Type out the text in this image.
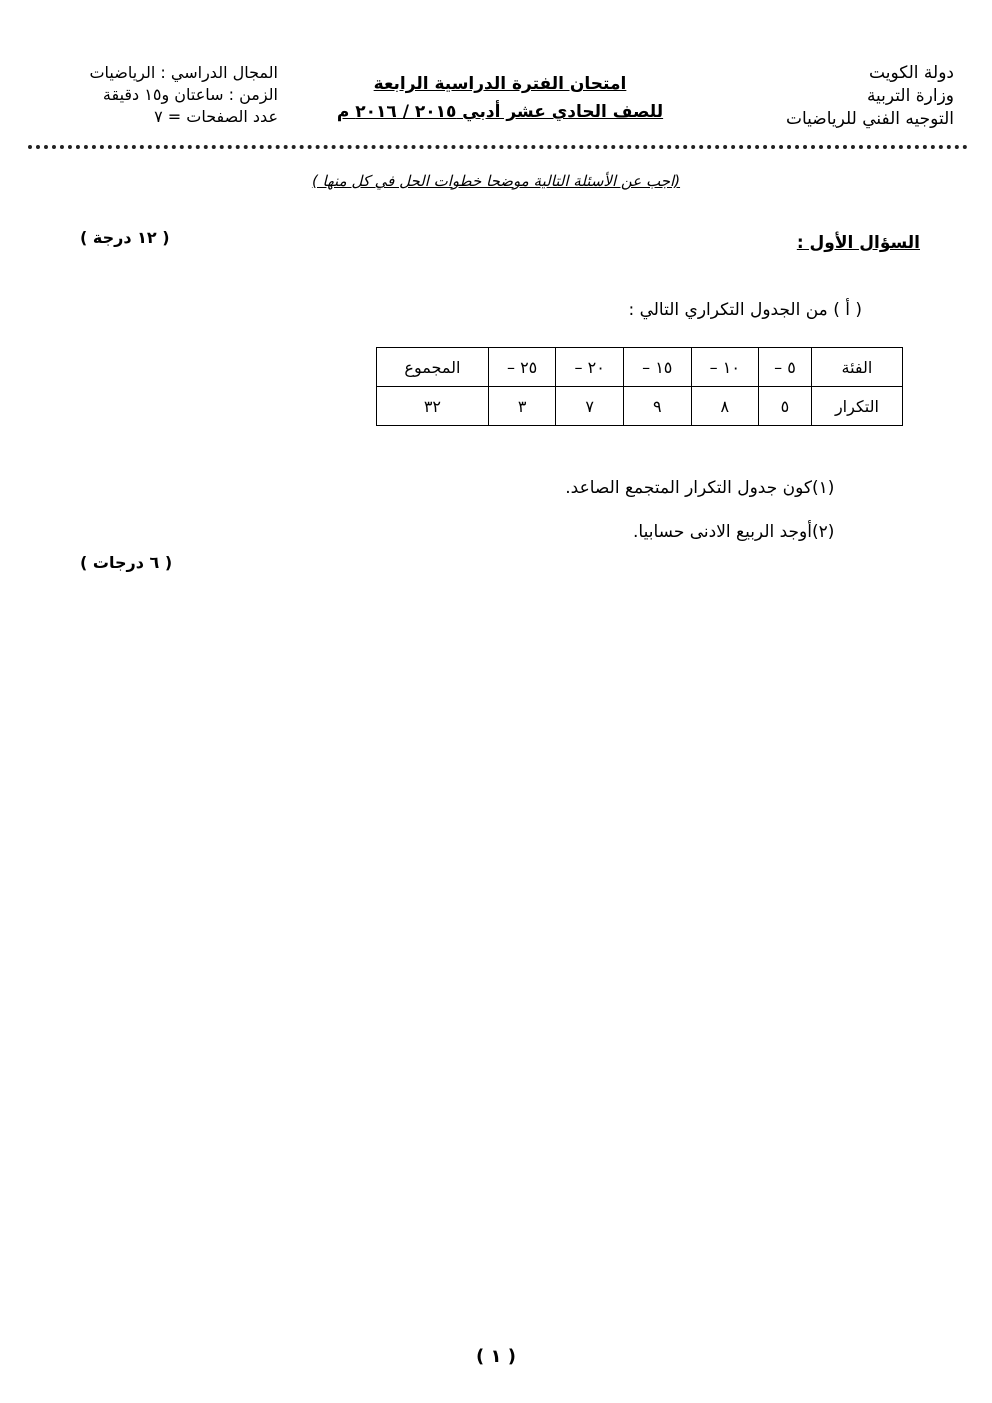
دولة الكويت
وزارة التربية
التوجيه الفني للرياضيات
امتحان الفترة الدراسية الرابعة
للصف الحادي عشر أدبي ٢٠١٥ / ٢٠١٦ م
المجال الدراسي : الرياضيات
الزمن : ساعتان و١٥ دقيقة
عدد الصفحات = ٧
(اجب عن الأسئلة التالية موضحا خطوات الحل في كل منها )
السؤال الأول :
( ١٢ درجة )
( أ ) من الجدول التكراري التالي :
الفئة	٥ –	١٠ –	١٥ –	٢٠ –	٢٥ –	المجموع
التكرار	٥	٨	٩	٧	٣	٣٢
(١)
كون جدول التكرار المتجمع الصاعد.
(٢)
أوجد الربيع الادنى حسابيا.
( ٦ درجات )
( ١ )
